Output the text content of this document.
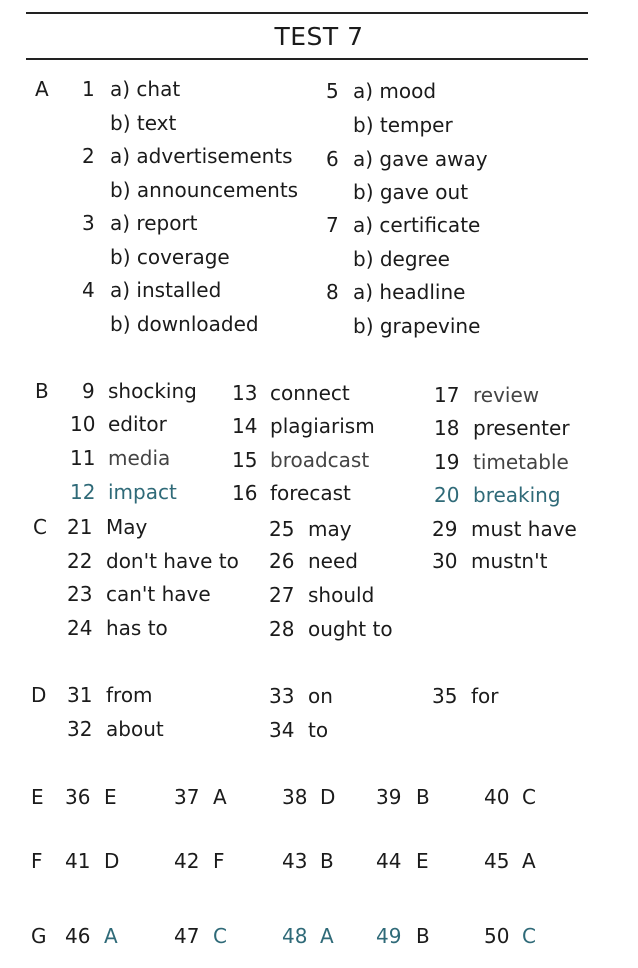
TEST 7
A 1 a) chat
b) text
2 a) advertisements
b) announcements
3 a) report
b) coverage
4 a) installed
b) downloaded
5 a) mood
b) temper
6 a) gave away
b) gave out
7 a) certificate
b) degree
8 a) headline
b) grapevine
B 9 shocking
10 editor
11 media
12 impact
13 connect
14 plagiarism
15 broadcast
16 forecast
17 review
18 presenter
19 timetable
20 breaking
C 21 May
22 don't have to
23 can't have
24 has to
25 may
26 need
27 should
28 ought to
29 must have
30 mustn't
D 31 from
32 about
33 on
34 to
35 for
E 36 E	37 A	38 D 39 B	40 C
F 41 D	42 F	43 B 44 E	45 A
G 46 A	47 C	48 A 49 B	50 C
